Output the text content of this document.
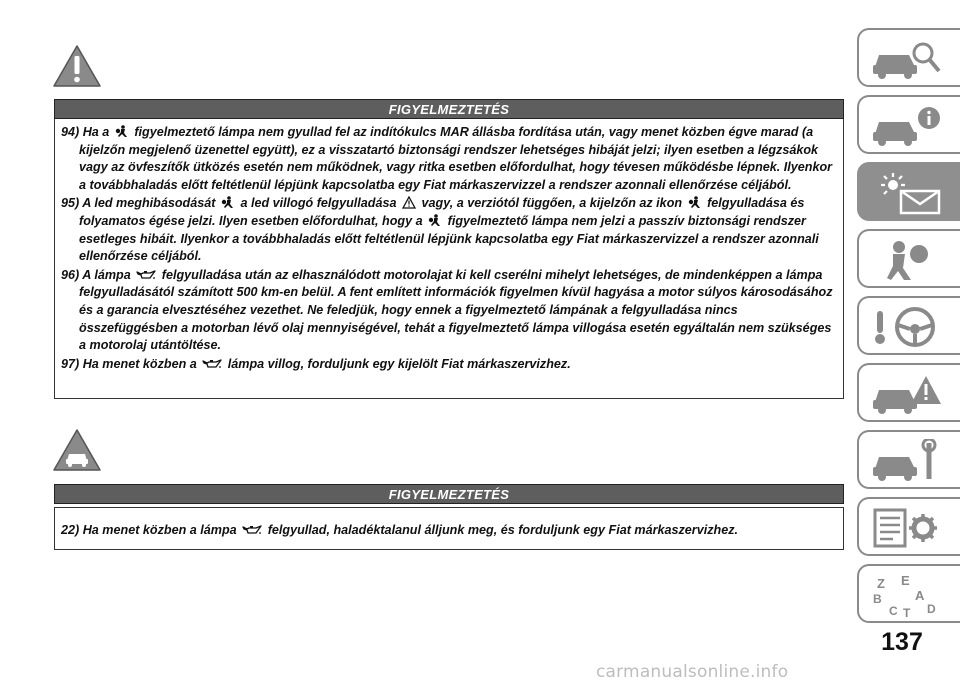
FIGYELMEZTETÉS

94) Ha a figyelmeztető lámpa nem gyullad fel az indítókulcs MAR állásba fordítása után, vagy menet közben égve marad (a kijelzőn megjelenő üzenettel együtt), ez a visszatartó biztonsági rendszer lehetséges hibáját jelzi; ilyen esetben a légzsákok vagy az övfeszítők ütközés esetén nem működnek, vagy ritka esetben előfordulhat, hogy tévesen működésbe lépnek. Ilyenkor a továbbhaladás előtt feltétlenül lépjünk kapcsolatba egy Fiat márkaszervizzel a rendszer azonnali ellenőrzése céljából.

95) A led meghibásodását a led villogó felgyulladása vagy, a verziótól függően, a kijelzőn az ikon felgyulladása és folyamatos égése jelzi. Ilyen esetben előfordulhat, hogy a figyelmeztető lámpa nem jelzi a passzív biztonsági rendszer esetleges hibáit. Ilyenkor a továbbhaladás előtt feltétlenül lépjünk kapcsolatba egy Fiat márkaszervizzel a rendszer azonnali ellenőrzése céljából.

96) A lámpa felgyulladása után az elhasználódott motorolajat ki kell cserélni mihelyt lehetséges, de mindenképpen a lámpa felgyulladásától számított 500 km-en belül. A fent említett információk figyelmen kívül hagyása a motor súlyos károsodásához és a garancia elvesztéséhez vezethet. Ne feledjük, hogy ennek a figyelmeztető lámpának a felgyulladása nincs összefüggésben a motorban lévő olaj mennyiségével, tehát a figyelmeztető lámpa villogása esetén egyáltalán nem szükséges a motorolaj utántöltése.

97) Ha menet közben a lámpa villog, forduljunk egy kijelölt Fiat márkaszervizhez.

FIGYELMEZTETÉS

22) Ha menet közben a lámpa felgyullad, haladéktalanul álljunk meg, és forduljunk egy Fiat márkaszervizhez.

Z E
A
B
C T D
137
carmanualsonline.info
